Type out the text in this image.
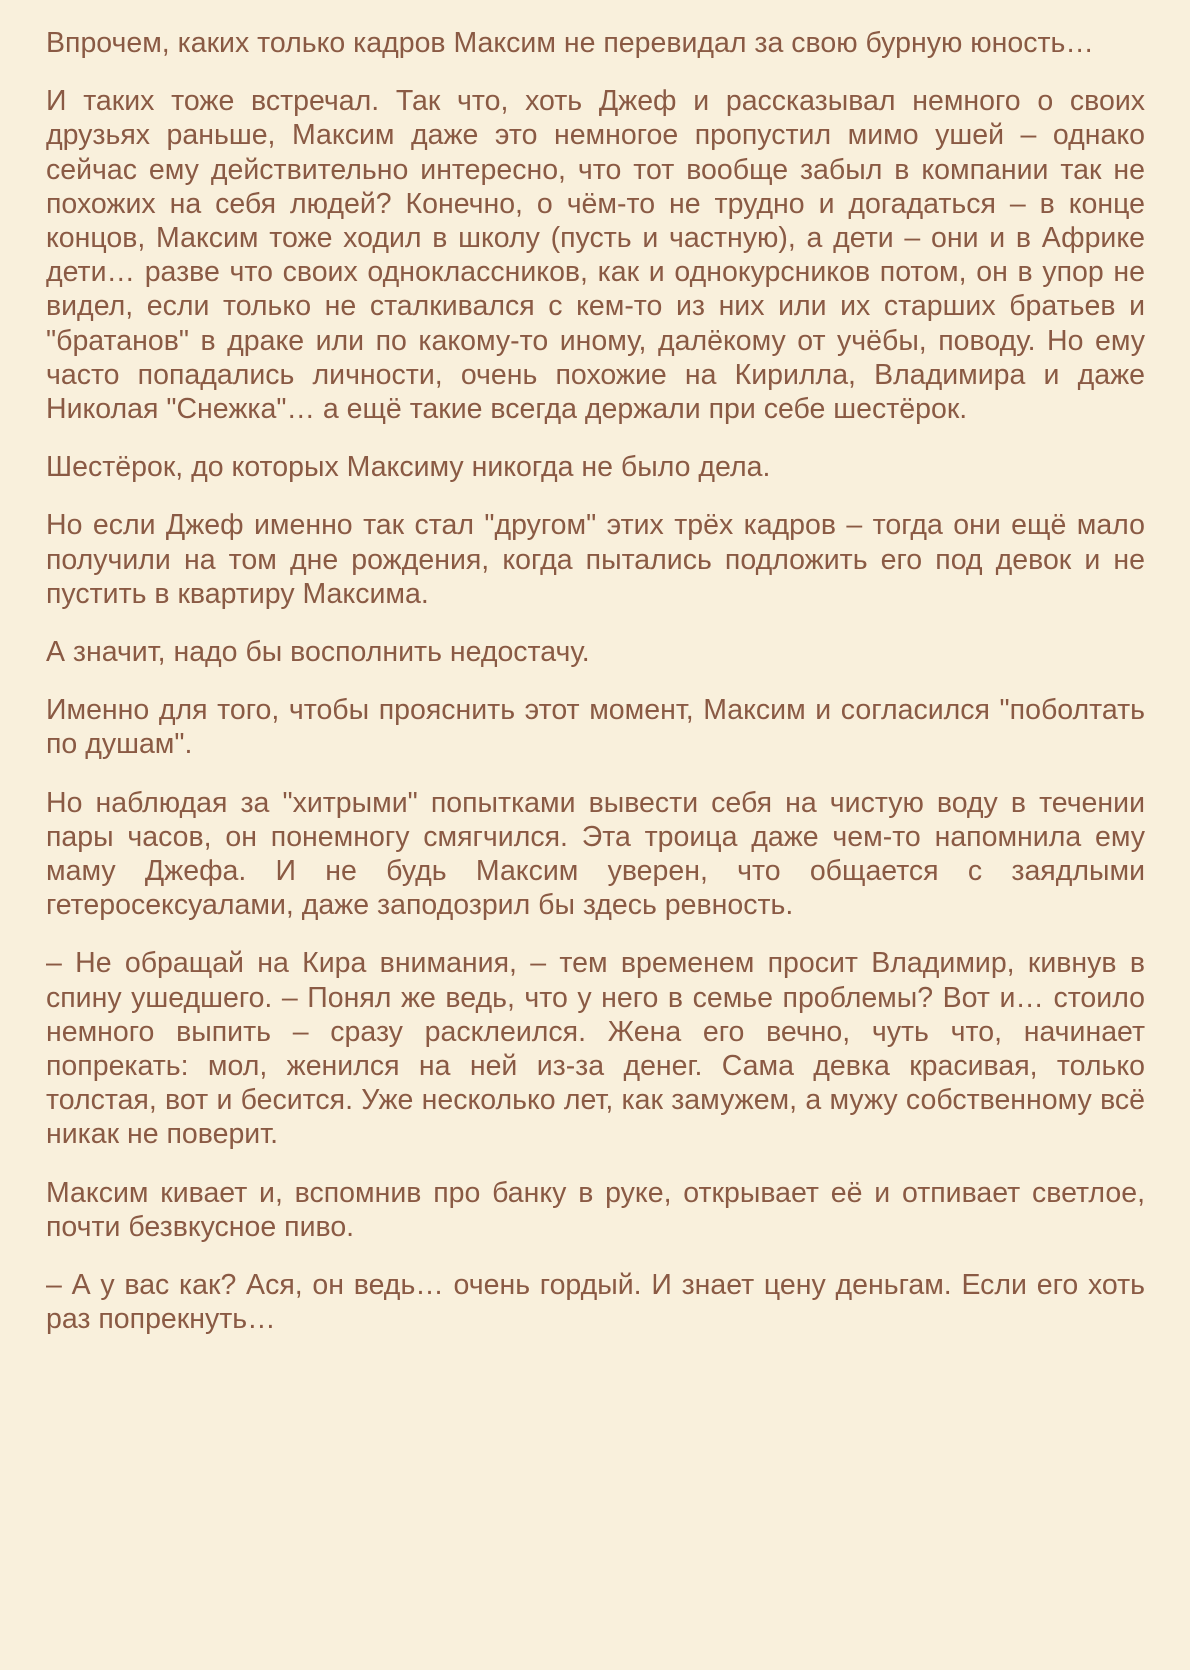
Впрочем, каких только кадров Максим не перевидал за свою бурную юность…

И таких тоже встречал. Так что, хоть Джеф и рассказывал немного о своих друзьях раньше, Максим даже это немногое пропустил мимо ушей – однако сейчас ему действительно интересно, что тот вообще забыл в компании так не похожих на себя людей? Конечно, о чём-то не трудно и догадаться – в конце концов, Максим тоже ходил в школу (пусть и частную), а дети – они и в Африке дети… разве что своих одноклассников, как и однокурсников потом, он в упор не видел, если только не сталкивался с кем-то из них или их старших братьев и "братанов" в драке или по какому-то иному, далёкому от учёбы, поводу. Но ему часто попадались личности, очень похожие на Кирилла, Владимира и даже Николая "Снежка"… а ещё такие всегда держали при себе шестёрок.

Шестёрок, до которых Максиму никогда не было дела.

Но если Джеф именно так стал "другом" этих трёх кадров – тогда они ещё мало получили на том дне рождения, когда пытались подложить его под девок и не пустить в квартиру Максима.

А значит, надо бы восполнить недостачу.

Именно для того, чтобы прояснить этот момент, Максим и согласился "поболтать по душам".

Но наблюдая за "хитрыми" попытками вывести себя на чистую воду в течении пары часов, он понемногу смягчился. Эта троица даже чем-то напомнила ему маму Джефа. И не будь Максим уверен, что общается с заядлыми гетеросексуалами, даже заподозрил бы здесь ревность.

– Не обращай на Кира внимания, – тем временем просит Владимир, кивнув в спину ушедшего. – Понял же ведь, что у него в семье проблемы? Вот и… стоило немного выпить – сразу расклеился. Жена его вечно, чуть что, начинает попрекать: мол, женился на ней из-за денег. Сама девка красивая, только толстая, вот и бесится. Уже несколько лет, как замужем, а мужу собственному всё никак не поверит.

Максим кивает и, вспомнив про банку в руке, открывает её и отпивает светлое, почти безвкусное пиво.

– А у вас как? Ася, он ведь… очень гордый. И знает цену деньгам. Если его хоть раз попрекнуть…
